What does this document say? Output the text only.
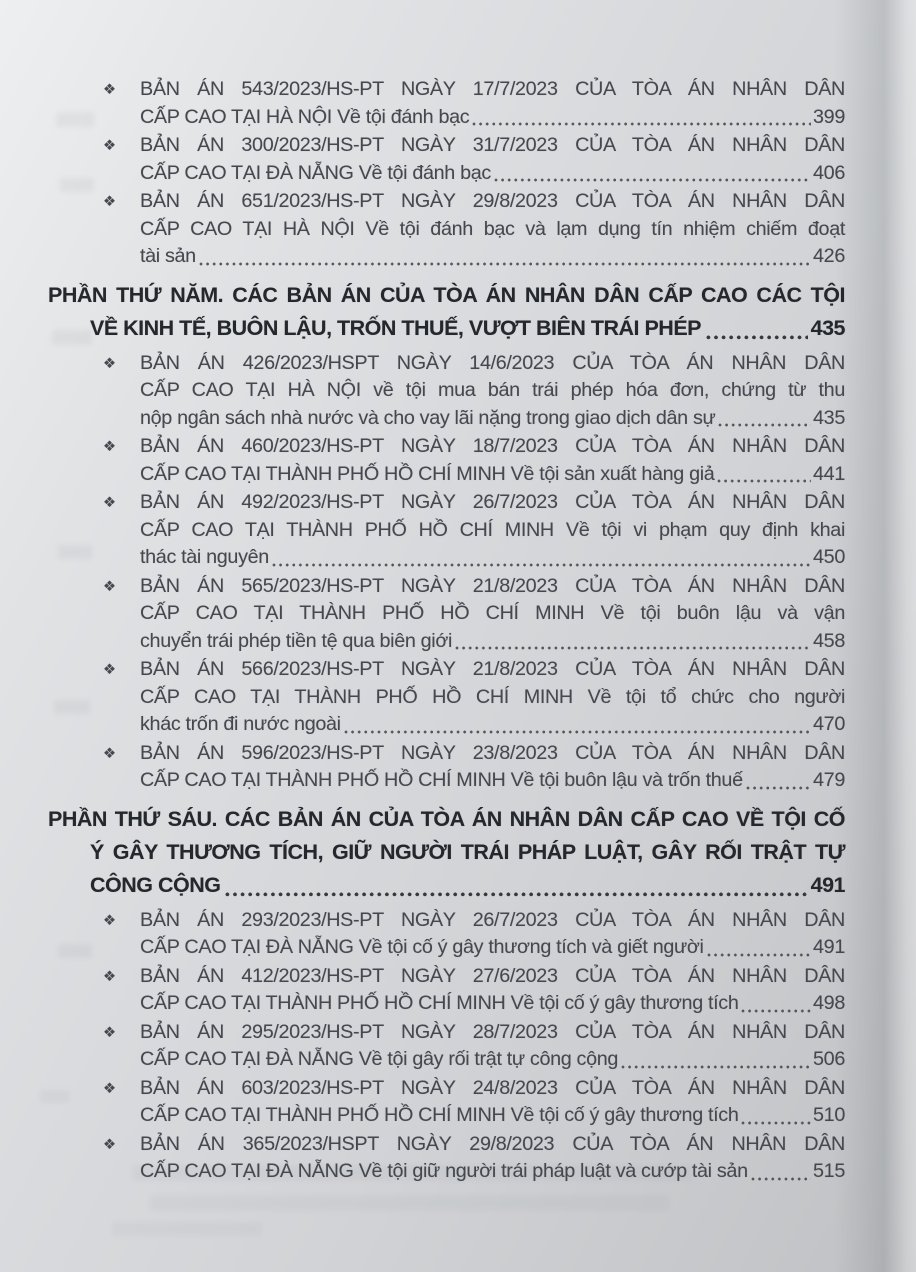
❖	BẢN ÁN 543/2023/HS-PT NGÀY 17/7/2023 CỦA TÒA ÁN NHÂN DÂN
CẤP CAO TẠI HÀ NỘI Về tội đánh bạc	399
❖	BẢN ÁN 300/2023/HS-PT NGÀY 31/7/2023 CỦA TÒA ÁN NHÂN DÂN
CẤP CAO TẠI ĐÀ NẴNG Về tội đánh bạc	406
❖	BẢN ÁN 651/2023/HS-PT NGÀY 29/8/2023 CỦA TÒA ÁN NHÂN DÂN
CẤP CAO TẠI HÀ NỘI Về tội đánh bạc và lạm dụng tín nhiệm chiếm đoạt
tài sản	426
PHẦN THỨ NĂM. CÁC BẢN ÁN CỦA TÒA ÁN NHÂN DÂN CẤP CAO CÁC TỘI
VỀ KINH TẾ, BUÔN LẬU, TRỐN THUẾ, VƯỢT BIÊN TRÁI PHÉP	435
❖	BẢN ÁN 426/2023/HSPT NGÀY 14/6/2023 CỦA TÒA ÁN NHÂN DÂN
CẤP CAO TẠI HÀ NỘI về tội mua bán trái phép hóa đơn, chứng từ thu
nộp ngân sách nhà nước và cho vay lãi nặng trong giao dịch dân sự	435
❖	BẢN ÁN 460/2023/HS-PT NGÀY 18/7/2023 CỦA TÒA ÁN NHÂN DÂN
CẤP CAO TẠI THÀNH PHỐ HỒ CHÍ MINH Về tội sản xuất hàng giả	441
❖	BẢN ÁN 492/2023/HS-PT NGÀY 26/7/2023 CỦA TÒA ÁN NHÂN DÂN
CẤP CAO TẠI THÀNH PHỐ HỒ CHÍ MINH Về tội vi phạm quy định khai
thác tài nguyên	450
❖	BẢN ÁN 565/2023/HS-PT NGÀY 21/8/2023 CỦA TÒA ÁN NHÂN DÂN
CẤP CAO TẠI THÀNH PHỐ HỒ CHÍ MINH Về tội buôn lậu và vận
chuyển trái phép tiền tệ qua biên giới	458
❖	BẢN ÁN 566/2023/HS-PT NGÀY 21/8/2023 CỦA TÒA ÁN NHÂN DÂN
CẤP CAO TẠI THÀNH PHỐ HỒ CHÍ MINH Về tội tổ chức cho người
khác trốn đi nước ngoài	470
❖	BẢN ÁN 596/2023/HS-PT NGÀY 23/8/2023 CỦA TÒA ÁN NHÂN DÂN
CẤP CAO TẠI THÀNH PHỐ HỒ CHÍ MINH Về tội buôn lậu và trốn thuế	479
PHẦN THỨ SÁU. CÁC BẢN ÁN CỦA TÒA ÁN NHÂN DÂN CẤP CAO VỀ TỘI CỐ
Ý GÂY THƯƠNG TÍCH, GIỮ NGƯỜI TRÁI PHÁP LUẬT, GÂY RỐI TRẬT TỰ
CÔNG CỘNG	491
❖	BẢN ÁN 293/2023/HS-PT NGÀY 26/7/2023 CỦA TÒA ÁN NHÂN DÂN
CẤP CAO TẠI ĐÀ NẴNG Về tội cố ý gây thương tích và giết người	491
❖	BẢN ÁN 412/2023/HS-PT NGÀY 27/6/2023 CỦA TÒA ÁN NHÂN DÂN
CẤP CAO TẠI THÀNH PHỐ HỒ CHÍ MINH Về tội cố ý gây thương tích	498
❖	BẢN ÁN 295/2023/HS-PT NGÀY 28/7/2023 CỦA TÒA ÁN NHÂN DÂN
CẤP CAO TẠI ĐÀ NẴNG Về tội gây rối trật tự công cộng	506
❖	BẢN ÁN 603/2023/HS-PT NGÀY 24/8/2023 CỦA TÒA ÁN NHÂN DÂN
CẤP CAO TẠI THÀNH PHỐ HỒ CHÍ MINH Về tội cố ý gây thương tích	510
❖	BẢN ÁN 365/2023/HSPT NGÀY 29/8/2023 CỦA TÒA ÁN NHÂN DÂN
CẤP CAO TẠI ĐÀ NẴNG Về tội giữ người trái pháp luật và cướp tài sản	515
